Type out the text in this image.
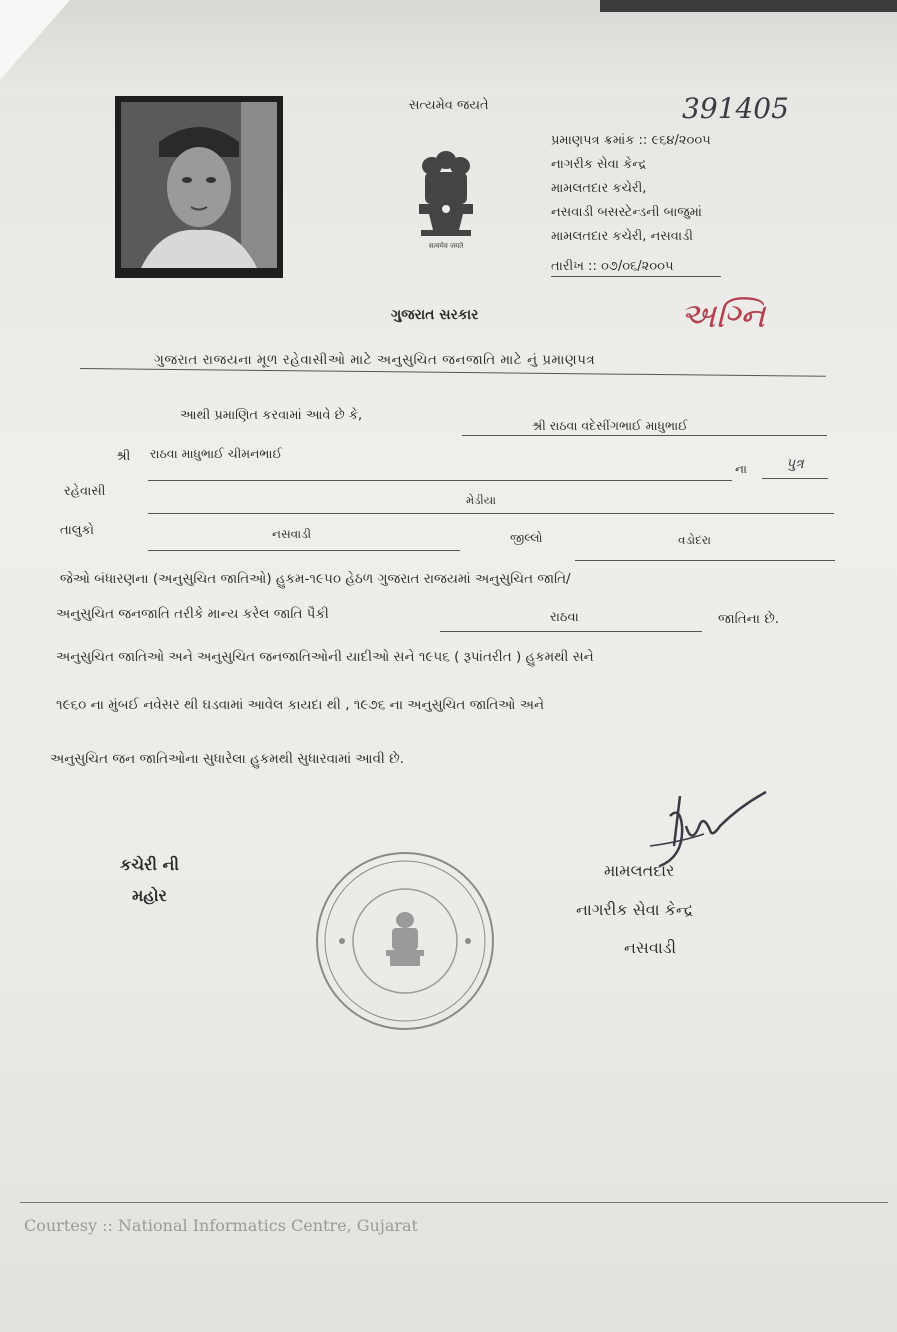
સત્યમેવ જયતે	391405
પ્રમાણપત્ર ક્રમાંક :: ૯૬૪/૨૦૦૫
નાગરીક સેવા કેન્દ્ર
મામલતદાર કચેરી,
નસવાડી બસસ્ટેન્ડની બાજુમાં
મામલતદાર કચેરી, નસવાડી
તારીખ :: ૦૭/૦૬/૨૦૦૫
सत्यमेव जयते
ગુજરાત સરકાર	અગ્નિ
ગુજરાત રાજયના મૂળ રહેવાસીઓ માટે અનુસુચિત જનજાતિ માટે નું પ્રમાણપત્ર
આથી પ્રમાણિત કરવામાં આવે છે કે,
શ્રી રાઠવા વદેસીંગભાઈ માધુભાઈ
શ્રી રાઠવા માધુભાઈ ચીમનભાઈ
ના	પુત્ર
રહેવાસી
મેડીયા
તાલુકો	નસવાડી	જીલ્લો	વડોદરા
જેઓ બંધારણના (અનુસુચિત જાતિઓ) હુકમ-૧૯૫૦ હેઠળ ગુજરાત રાજયમાં અનુસુચિત જાતિ/
અનુસુચિત જનજાતિ તરીકે માન્ય કરેલ જાતિ પૈકી	રાઠવા	જાતિના છે.
અનુસુચિત જાતિઓ અને અનુસુચિત જનજાતિઓની યાદીઓ સને ૧૯૫૬ ( રૂપાંતરીત ) હુકમથી સને
૧૯૬૦ ના મુંબઈ નવેસર થી ઘડવામાં આવેલ કાયદા થી , ૧૯૭૬ ના અનુસુચિત જાતિઓ અને
અનુસુચિત જન જાતિઓના સુધારેલા હુકમથી સુધારવામાં આવી છે.
કચેરી ની
મહોર
મામલતદાર
નાગરીક સેવા કેન્દ્ર
નસવાડી
Courtesy :: National Informatics Centre, Gujarat
